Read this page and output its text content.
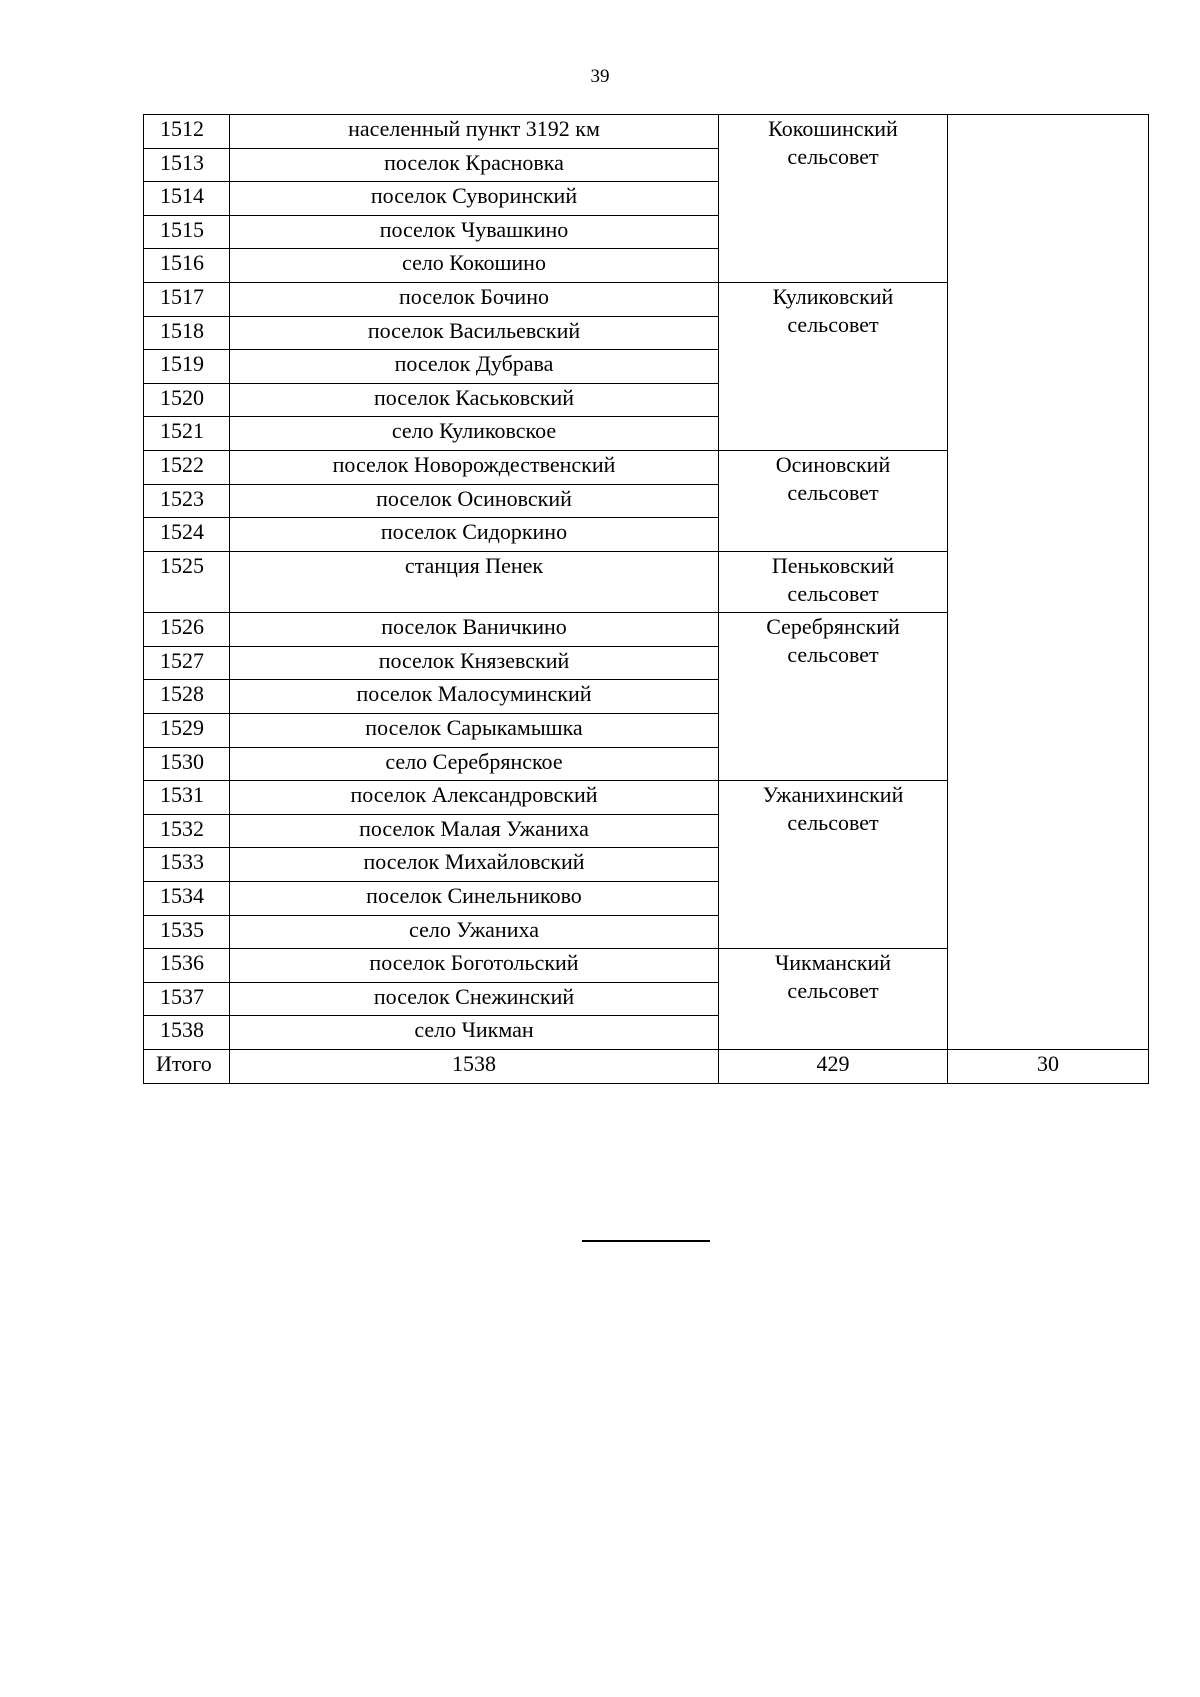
39
1512	населенный пункт 3192 км	Кокошинский
сельсовет	

1513	поселок Красновка		
1514	поселок Суворинский		
1515	поселок Чувашкино		
1516	село Кокошино		
1517	поселок Бочино	Куликовский
сельсовет	

1518	поселок Васильевский		
1519	поселок Дубрава		
1520	поселок Каськовский		
1521	село Куликовское		
1522	поселок Новорождественский	Осиновский
сельсовет	

1523	поселок Осиновский		
1524	поселок Сидоркино		
1525	станция Пенек	Пеньковский
сельсовет	

1526	поселок Ваничкино	Серебрянский
сельсовет	

1527	поселок Князевский		
1528	поселок Малосуминский		
1529	поселок Сарыкамышка		
1530	село Серебрянское		
1531	поселок Александровский	Ужанихинский
сельсовет	

1532	поселок Малая Ужаниха		
1533	поселок Михайловский		
1534	поселок Синельниково		
1535	село Ужаниха		
1536	поселок Боготольский	Чикманский
сельсовет	

1537	поселок Снежинский		
1538	село Чикман		
Итого	1538	429	30
